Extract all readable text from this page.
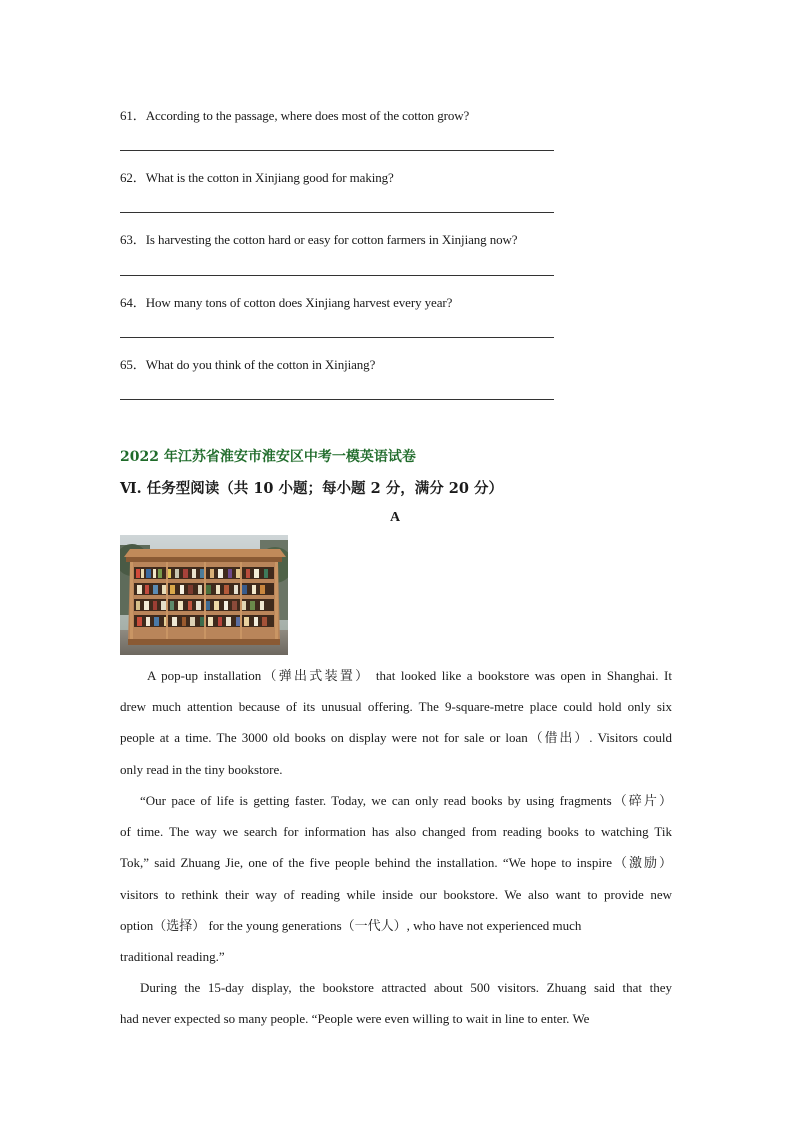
61．According to the passage, where does most of the cotton grow?
62．What is the cotton in Xinjiang good for making?
63．Is harvesting the cotton hard or easy for cotton farmers in Xinjiang now?
64．How many tons of cotton does Xinjiang harvest every year?
65．What do you think of the cotton in Xinjiang?
2022 年江苏省淮安市淮安区中考一模英语试卷
Ⅵ. 任务型阅读（共 10 小题；每小题 2 分，满分 20 分）
A
A pop-up installation（弹出式装置） that looked like a bookstore was open in Shanghai. It
drew much attention because of its unusual offering. The 9-square-metre place could hold only six
people at a time. The 3000 old books on display were not for sale or loan（借出）. Visitors could
only read in the tiny bookstore.
“Our pace of life is getting faster. Today, we can only read books by using fragments（碎片）
of time. The way we search for information has also changed from reading books to watching Tik
Tok,” said Zhuang Jie, one of the five people behind the installation. “We hope to inspire（激励）
visitors to rethink their way of reading while inside our bookstore. We also want to provide new
option（选择） for the young generations（一代人）, who have not experienced much
traditional reading.”
During the 15-day display, the bookstore attracted about 500 visitors. Zhuang said that they
had never expected so many people. “People were even willing to wait in line to enter. We
